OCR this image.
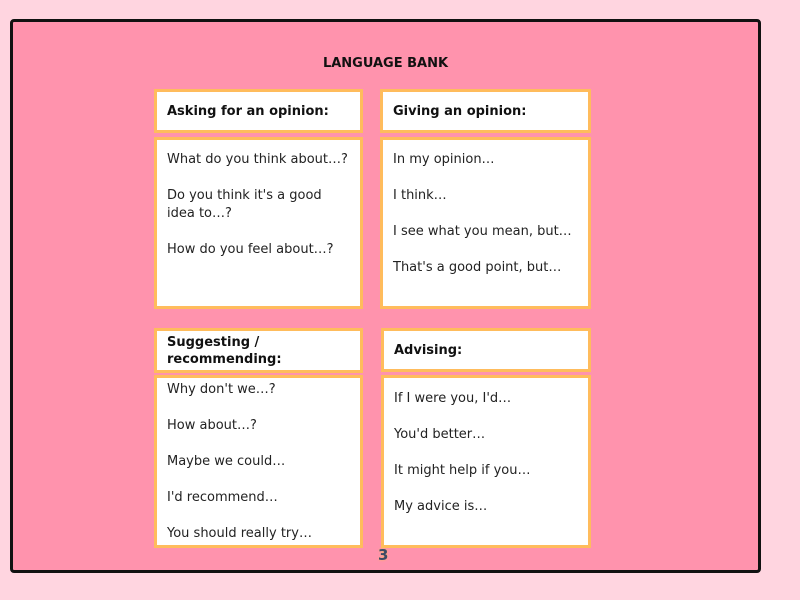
LANGUAGE BANK
Asking for an opinion:

What do you think about…?

Do you think it's a good idea to…?

How do you feel about…?

Giving an opinion:

In my opinion…

I think…

I see what you mean, but…

That's a good point, but…

Suggesting / recommending:

Why don't we…?

How about…?

Maybe we could…

I'd recommend…

You should really try…

Advising:

If I were you, I'd…

You'd better…

It might help if you…

My advice is…

3
